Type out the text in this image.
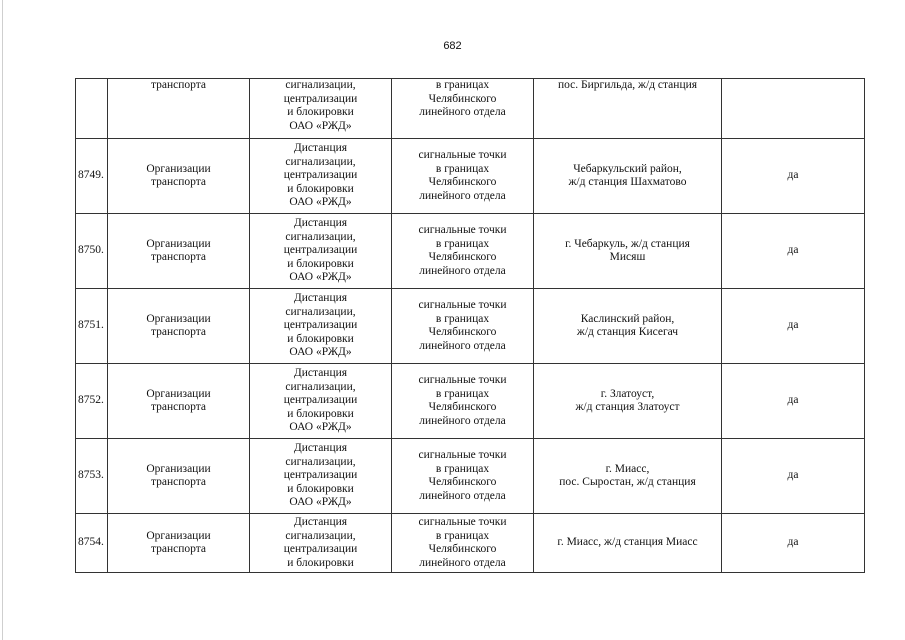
682
	транспорта	сигнализации,
централизации
и блокировки
ОАО «РЖД»	в границах
Челябинского
линейного отдела	пос. Биргильда, ж/д станция	
8749.	Организации
транспорта	Дистанция
сигнализации,
централизации
и блокировки
ОАО «РЖД»	сигнальные точки
в границах
Челябинского
линейного отдела	Чебаркульский район,
ж/д станция Шахматово	да
8750.	Организации
транспорта	Дистанция
сигнализации,
централизации
и блокировки
ОАО «РЖД»	сигнальные точки
в границах
Челябинского
линейного отдела	г. Чебаркуль, ж/д станция
Мисяш	да
8751.	Организации
транспорта	Дистанция
сигнализации,
централизации
и блокировки
ОАО «РЖД»	сигнальные точки
в границах
Челябинского
линейного отдела	Каслинский район,
ж/д станция Кисегач	да
8752.	Организации
транспорта	Дистанция
сигнализации,
централизации
и блокировки
ОАО «РЖД»	сигнальные точки
в границах
Челябинского
линейного отдела	г. Златоуст,
ж/д станция Златоуст	да
8753.	Организации
транспорта	Дистанция
сигнализации,
централизации
и блокировки
ОАО «РЖД»	сигнальные точки
в границах
Челябинского
линейного отдела	г. Миасс,
пос. Сыростан, ж/д станция	да
8754.	Организации
транспорта	Дистанция
сигнализации,
централизации
и блокировки	сигнальные точки
в границах
Челябинского
линейного отдела	г. Миасс, ж/д станция Миасс	да
